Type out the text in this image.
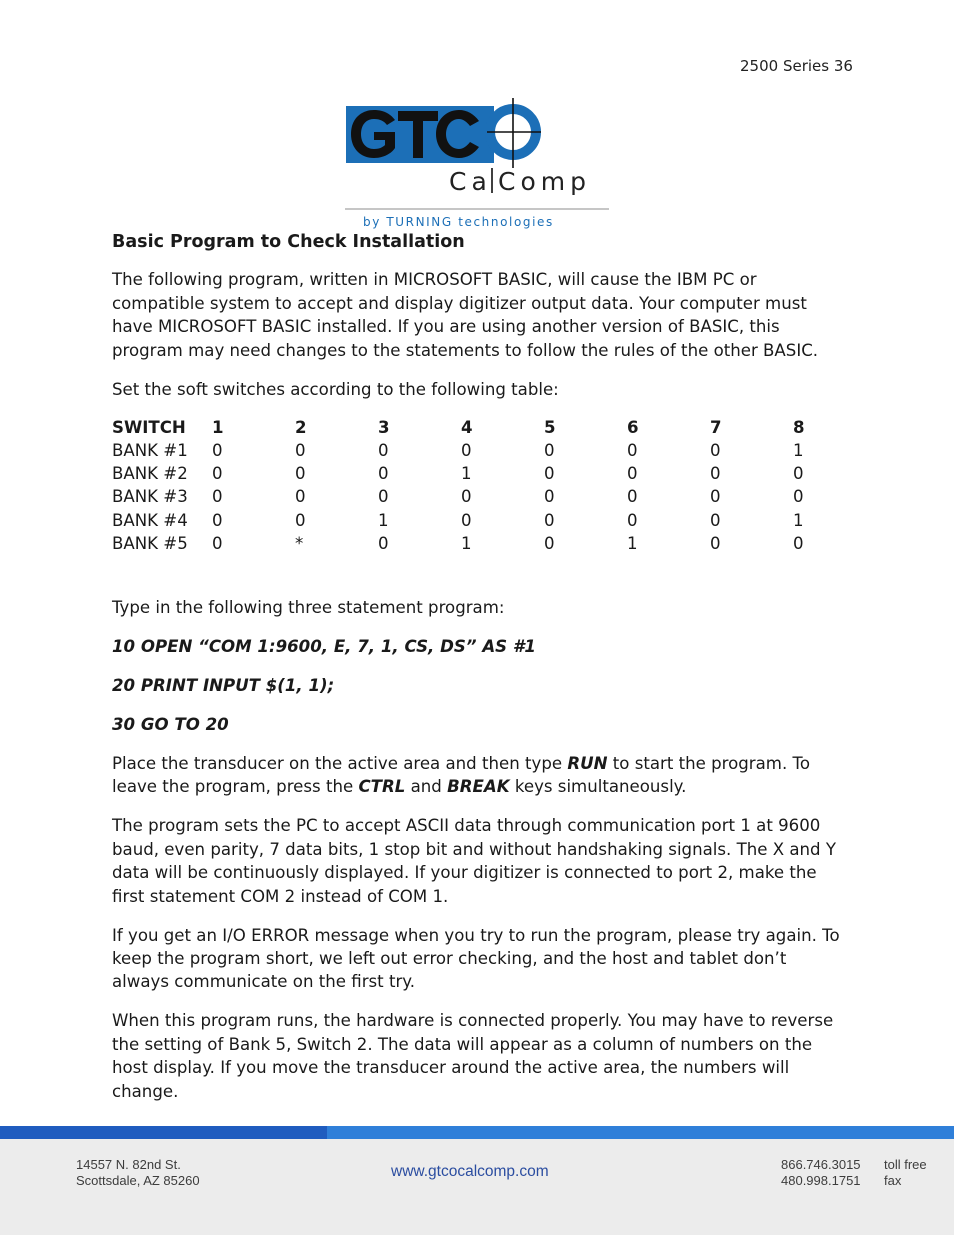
2500 Series 36
Ca Comp
by TURNING technologies

Basic Program to Check Installation

The following program, written in MICROSOFT BASIC, will cause the IBM PC or compatible system to accept and display digitizer output data. Your computer must have MICROSOFT BASIC installed. If you are using another version of BASIC, this program may need changes to the statements to follow the rules of the other BASIC.

Set the soft switches according to the following table:

SWITCH	1	2	3	4	5	6	7	8
BANK #1	0	0	0	0	0	0	0	1
BANK #2	0	0	0	1	0	0	0	0
BANK #3	0	0	0	0	0	0	0	0
BANK #4	0	0	1	0	0	0	0	1
BANK #5	0	*	0	1	0	1	0	0

Type in the following three statement program:

10 OPEN “COM 1:9600, E, 7, 1, CS, DS” AS #1

20 PRINT INPUT $(1, 1);

30 GO TO 20

Place the transducer on the active area and then type RUN to start the program. To leave the program, press the CTRL and BREAK keys simultaneously.

The program sets the PC to accept ASCII data through communication port 1 at 9600 baud, even parity, 7 data bits, 1 stop bit and without handshaking signals. The X and Y data will be continuously displayed. If your digitizer is connected to port 2, make the first statement COM 2 instead of COM 1.

If you get an I/O ERROR message when you try to run the program, please try again. To keep the program short, we left out error checking, and the host and tablet don’t always communicate on the first try.

When this program runs, the hardware is connected properly. You may have to reverse the setting of Bank 5, Switch 2. The data will appear as a column of numbers on the host display. If you move the transducer around the active area, the numbers will change.

14557 N. 82nd St.
Scottsdale, AZ 85260
www.gtcocalcomp.com	866.746.3015
480.998.1751
toll free
fax
